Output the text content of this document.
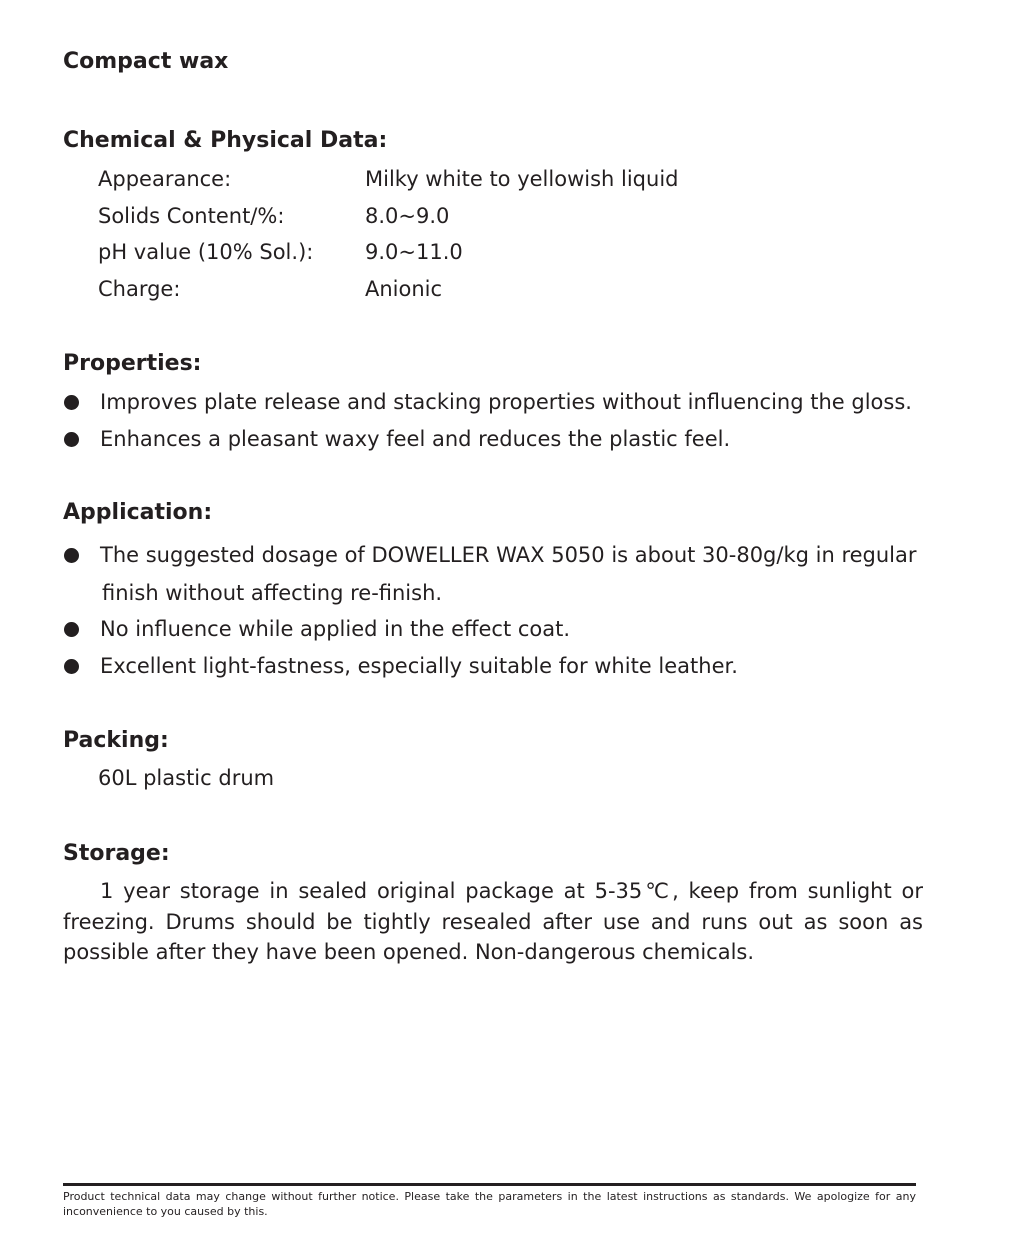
Compact wax
Chemical & Physical Data:
Appearance:	Milky white to yellowish liquid
Solids Content/%:	8.0~9.0
pH value (10% Sol.): 9.0~11.0
Charge:	Anionic
Properties:
Improves plate release and stacking properties without influencing the gloss.
Enhances a pleasant waxy feel and reduces the plastic feel.
Application:
The suggested dosage of DOWELLER WAX 5050 is about 30-80g/kg in regular
finish without affecting re-finish.
No influence while applied in the effect coat.
Excellent light-fastness, especially suitable for white leather.
Packing:
60L plastic drum
Storage:

1 year storage in sealed original package at 5-35℃, keep from sunlight or freezing. Drums should be tightly resealed after use and runs out as soon as possible after they have been opened. Non-dangerous chemicals.

Product technical data may change without further notice. Please take the parameters in the latest instructions as standards. We apologize for any inconvenience to you caused by this.
